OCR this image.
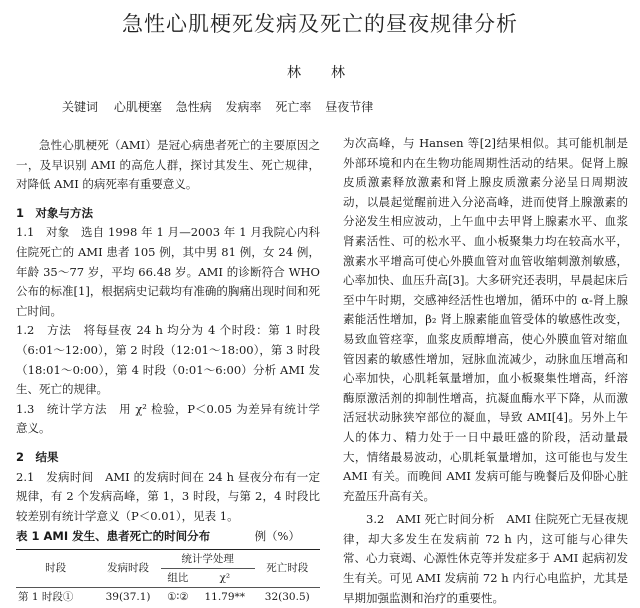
急性心肌梗死发病及死亡的昼夜规律分析
林　林
关键词 心肌梗塞 急性病 发病率 死亡率 昼夜节律

急性心肌梗死（AMI）是冠心病患者死亡的主要原因之一，及早识别 AMI 的高危人群，探讨其发生、死亡规律，对降低 AMI 的病死率有重要意义。

1　对象与方法

1.1　对象　选自 1998 年 1 月—2003 年 1 月我院心内科住院死亡的 AMI 患者 105 例，其中男 81 例，女 24 例，年龄 35～77 岁，平均 66.48 岁。AMI 的诊断符合 WHO 公布的标准[1]，根据病史记载均有准确的胸痛出现时间和死亡时间。

1.2　方法　将每昼夜 24 h 均分为 4 个时段：第 1 时段（6:01～12:00），第 2 时段（12:01～18:00），第 3 时段（18:01～0:00），第 4 时段（0:01～6:00）分析 AMI 发生、死亡的规律。

1.3　统计学方法　用 χ² 检验，P＜0.05 为差异有统计学意义。

2　结果

2.1　发病时间　AMI 的发病时间在 24 h 昼夜分布有一定规律，有 2 个发病高峰，第 1，3 时段，与第 2，4 时段比较差别有统计学意义（P＜0.01），见表 1。

表 1 AMI 发生、患者死亡的时间分布	例（%）
时段	发病时段	统计学处理		死亡时段
		组比	χ²	
第 1 时段①	39(37.1)	①∶②	11.79**	32(30.5)

为次高峰，与 Hansen 等[2]结果相似。其可能机制是外部环境和内在生物功能周期性活动的结果。促肾上腺皮质激素释放激素和肾上腺皮质激素分泌呈日周期波动，以晨起觉醒前进入分泌高峰，进而使肾上腺激素的分泌发生相应波动，上午血中去甲肾上腺素水平、血浆肾素活性、可的松水平、血小板聚集力均在较高水平，激素水平增高可使心外膜血管对血管收缩刺激剂敏感，心率加快、血压升高[3]。大多研究还表明，早晨起床后至中午时期，交感神经活性也增加，循环中的 α-肾上腺素能活性增加，β₂ 肾上腺素能血管受体的敏感性改变，易致血管痉挛，血浆皮质醇增高，使心外膜血管对缩血管因素的敏感性增加，冠脉血流减少，动脉血压增高和心率加快，心肌耗氧量增加，血小板聚集性增高，纤溶酶原激活剂的抑制性增高，抗凝血酶水平下降，从而激活冠状动脉狭窄部位的凝血，导致 AMI[4]。另外上午人的体力、精力处于一日中最旺盛的阶段，活动量最大，情绪最易波动，心肌耗氧量增加，这可能也与发生 AMI 有关。而晚间 AMI 发病可能与晚餐后及仰卧心脏充盈压升高有关。

3.2　AMI 死亡时间分析　AMI 住院死亡无昼夜规律，却大多发生在发病前 72 h 内，这可能与心律失常、心力衰竭、心源性休克等并发症多于 AMI 起病初发生有关。可见 AMI 发病前 72 h 内行心电监护，尤其是早期加强监测和治疗的重要性。
